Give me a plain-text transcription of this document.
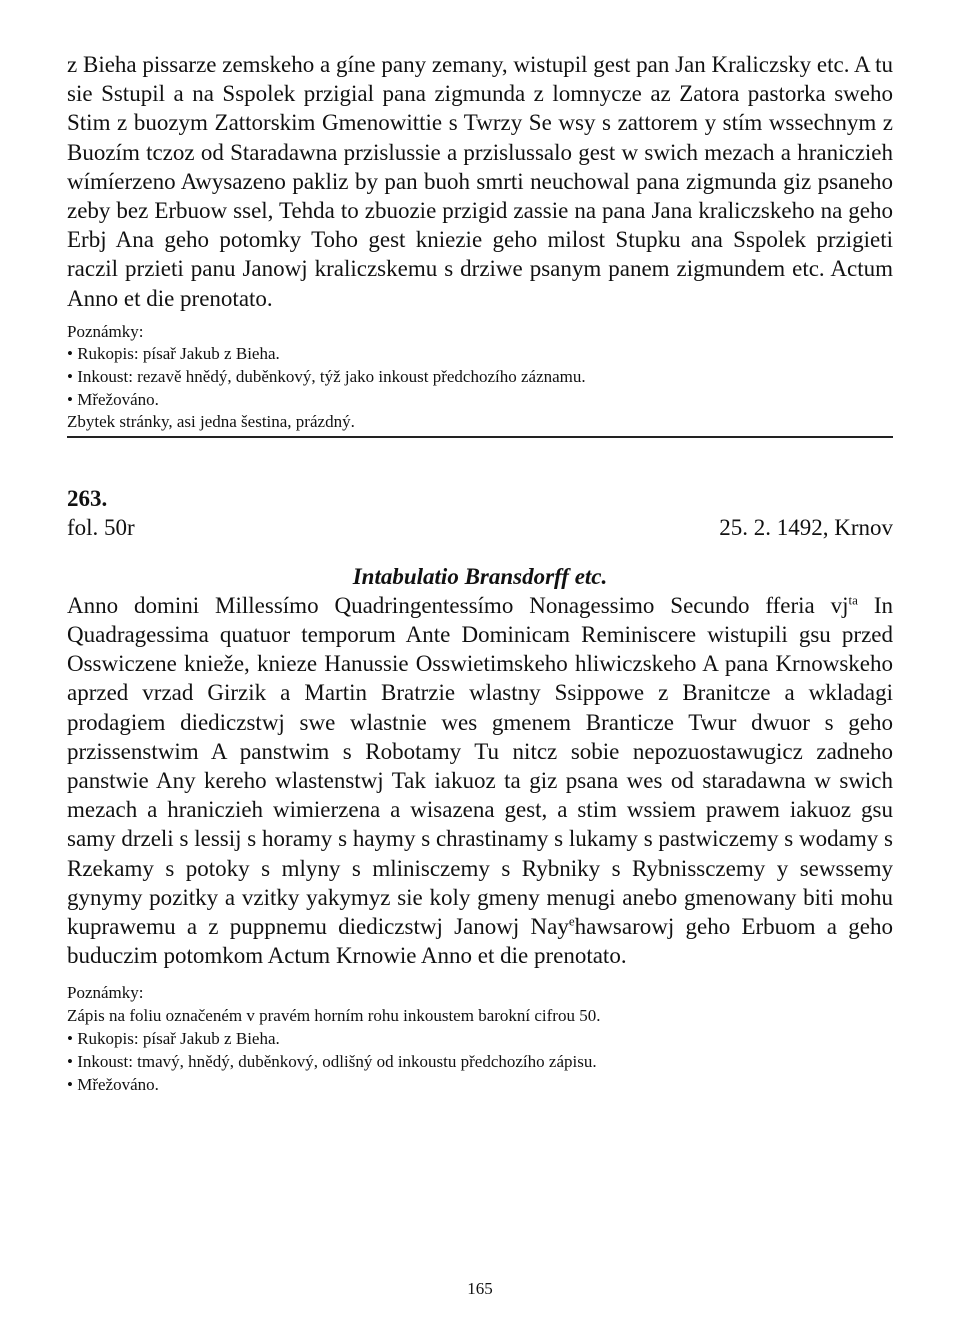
z Bieha pissarze zemskeho a gíne pany zemany, wistupil gest pan Jan Kraliczsky etc. A tu sie Sstupil a na Sspolek przigial pana zigmunda z lomnycze az Zatora pastorka sweho Stim z buozym Zattorskim Gmenowittie s Twrzy Se wsy s zattorem y stím wssechnym z Buozím tczoz od Staradawna przislussie a przislussalo gest w swich mezach a hraniczieh wímíerzeno Awysazeno pakliz by pan buoh smrti neuchowal pana zigmunda giz psaneho zeby bez Erbuow ssel, Tehda to zbuozie przigid zassie na pana Jana kraliczskeho na geho Erbj Ana geho potomky Toho gest kniezie geho milost Stupku ana Sspolek przigieti raczil przieti panu Janowj kraliczskemu s drziwe psanym panem zigmundem etc. Actum Anno et die prenotato.

Poznámky:
• Rukopis: písař Jakub z Bieha.
• Inkoust: rezavě hnědý, duběnkový, týž jako inkoust předchozího záznamu.
• Mřežováno.
Zbytek stránky, asi jedna šestina, prázdný.
263.
fol. 50r	25. 2. 1492, Krnov
Intabulatio Bransdorff etc.

Anno domini Millessímo Quadringentessímo Nonagessimo Secundo fferia $vj^{ta}$ In Quadragessima quatuor temporum Ante Dominicam Reminiscere wistupili gsu przed Osswiczene knieže, knieze Hanussie Osswietimskeho hliwiczskeho A pana Krnowskeho aprzed vrzad Girzik a Martin Bratrzie wlastny Ssippowe z Branitcze a wkladagi prodagiem diediczstwj swe wlastnie wes gmenem Branticze Twur dwuor s geho przissenstwim A panstwim s Robotamy Tu nitcz sobie nepozuostawugicz zadneho panstwie Any kereho wlastenstwj Tak iakuoz ta giz psana wes od staradawna w swich mezach a hraniczieh wimierzena a wisazena gest, a stim wssiem prawem iakuoz gsu samy drzeli s lessij s horamy s haymy s chrastinamy s lukamy s pastwiczemy s wodamy s Rzekamy s potoky s mlyny s mlinisczemy s Rybniky s Rybnissczemy y sewssemy gynymy pozitky a vzitky yakymyz sie koly gmeny menugi anebo gmenowany biti mohu kuprawemu a z puppnemu diediczstwj Janowj Nay$^e$hawsarowj geho Erbuom a geho buduczim potomkom Actum Krnowie Anno et die prenotato.

Poznámky:
Zápis na foliu označeném v pravém horním rohu inkoustem barokní cifrou 50.
• Rukopis: písař Jakub z Bieha.
• Inkoust: tmavý, hnědý, duběnkový, odlišný od inkoustu předchozího zápisu.
• Mřežováno.
165
